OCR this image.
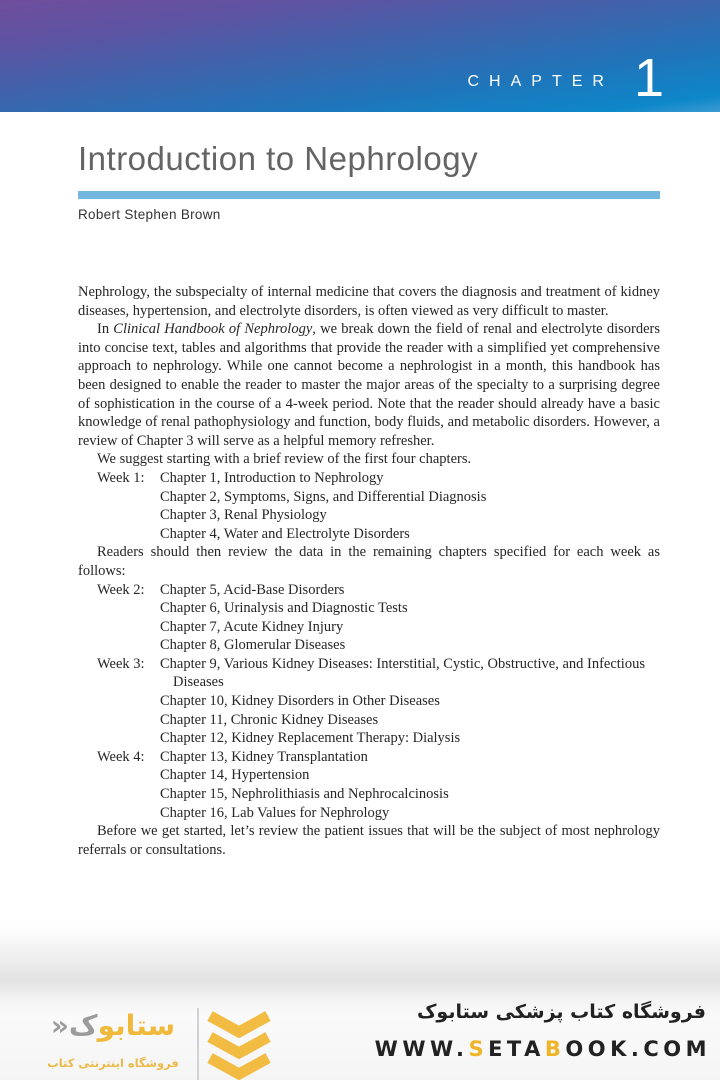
CHAPTER 1
Introduction to Nephrology
Robert Stephen Brown
Nephrology, the subspecialty of internal medicine that covers the diagnosis and treatment of kidney diseases, hypertension, and electrolyte disorders, is often viewed as very difficult to master.
In Clinical Handbook of Nephrology, we break down the field of renal and electrolyte disorders into concise text, tables and algorithms that provide the reader with a simplified yet comprehensive approach to nephrology. While one cannot become a nephrologist in a month, this handbook has been designed to enable the reader to master the major areas of the specialty to a surprising degree of sophistication in the course of a 4-week period. Note that the reader should already have a basic knowledge of renal pathophysiology and function, body fluids, and metabolic disorders. However, a review of Chapter 3 will serve as a helpful memory refresher.
We suggest starting with a brief review of the first four chapters.
Week 1:	Chapter 1, Introduction to Nephrology
Chapter 2, Symptoms, Signs, and Differential Diagnosis
Chapter 3, Renal Physiology
Chapter 4, Water and Electrolyte Disorders
Readers should then review the data in the remaining chapters specified for each week as follows:
Week 2:	Chapter 5, Acid-Base Disorders
Chapter 6, Urinalysis and Diagnostic Tests
Chapter 7, Acute Kidney Injury
Chapter 8, Glomerular Diseases
Week 3:	Chapter 9, Various Kidney Diseases: Interstitial, Cystic, Obstructive, and Infectious Diseases
Chapter 10, Kidney Disorders in Other Diseases
Chapter 11, Chronic Kidney Diseases
Chapter 12, Kidney Replacement Therapy: Dialysis
Week 4:	Chapter 13, Kidney Transplantation
Chapter 14, Hypertension
Chapter 15, Nephrolithiasis and Nephrocalcinosis
Chapter 16, Lab Values for Nephrology
Before we get started, let’s review the patient issues that will be the subject of most nephrology referrals or consultations.
ستابوک«
فروشگاه اینترنتی کتاب
فروشگاه کتاب پزشکی ستابوک
WWW.SETABOOK.COM
